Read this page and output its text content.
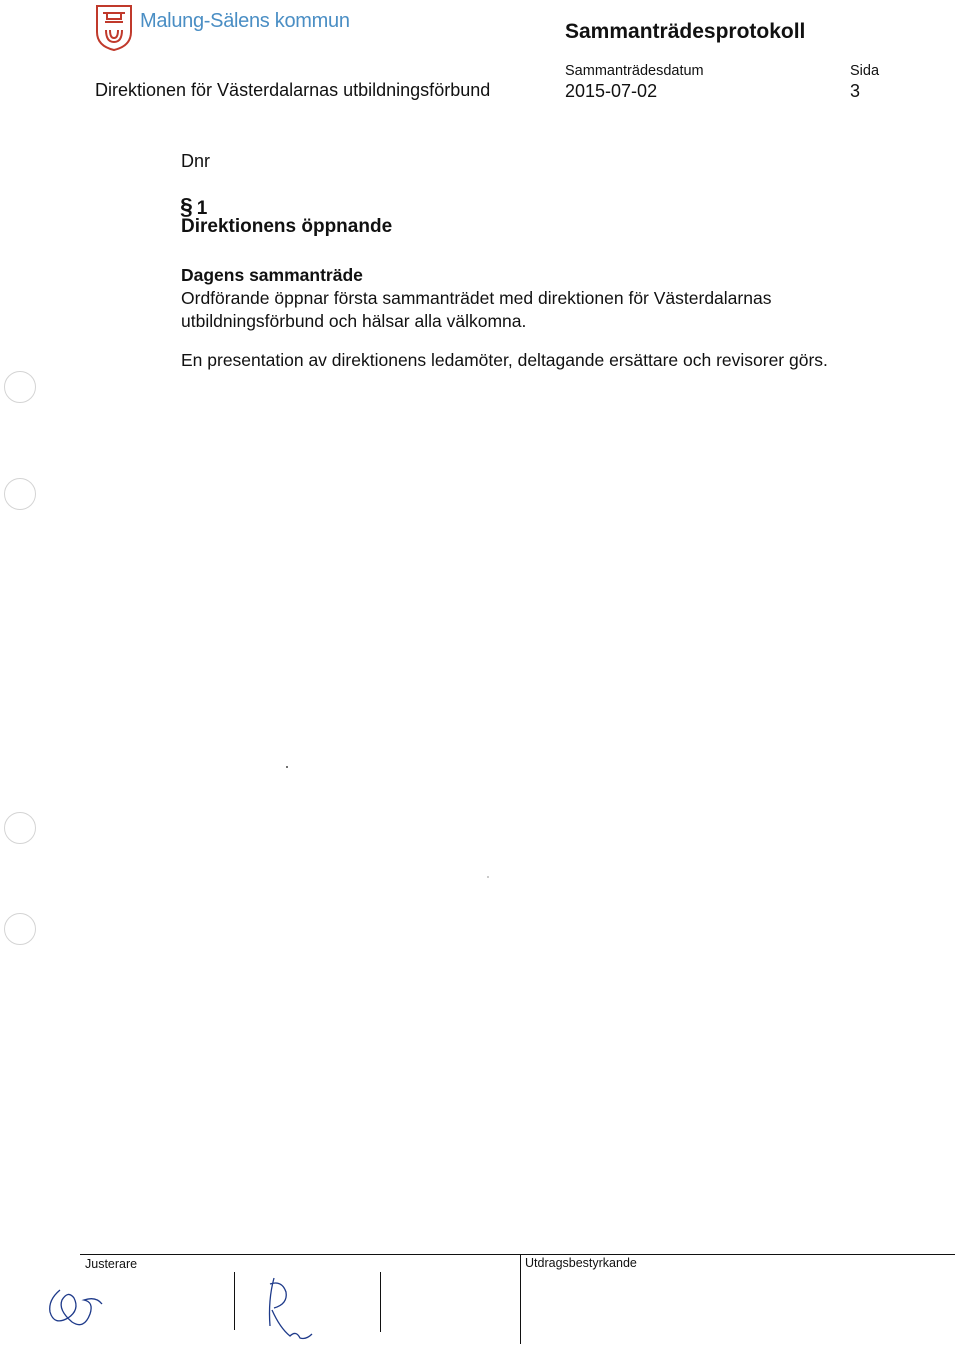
Malung-Sälens kommun	Sammanträdesprotokoll
Direktionen för Västerdalarnas utbildningsförbund
Sammanträdesdatum
2015-07-02
Sida
3
Dnr
§ 1
Direktionens öppnande
Dagens sammanträde
Ordförande öppnar första sammanträdet med direktionen för Västerdalarnas utbildningsförbund och hälsar alla välkomna.
En presentation av direktionens ledamöter, deltagande ersättare och revisorer görs.
Justerare	Utdragsbestyrkande
